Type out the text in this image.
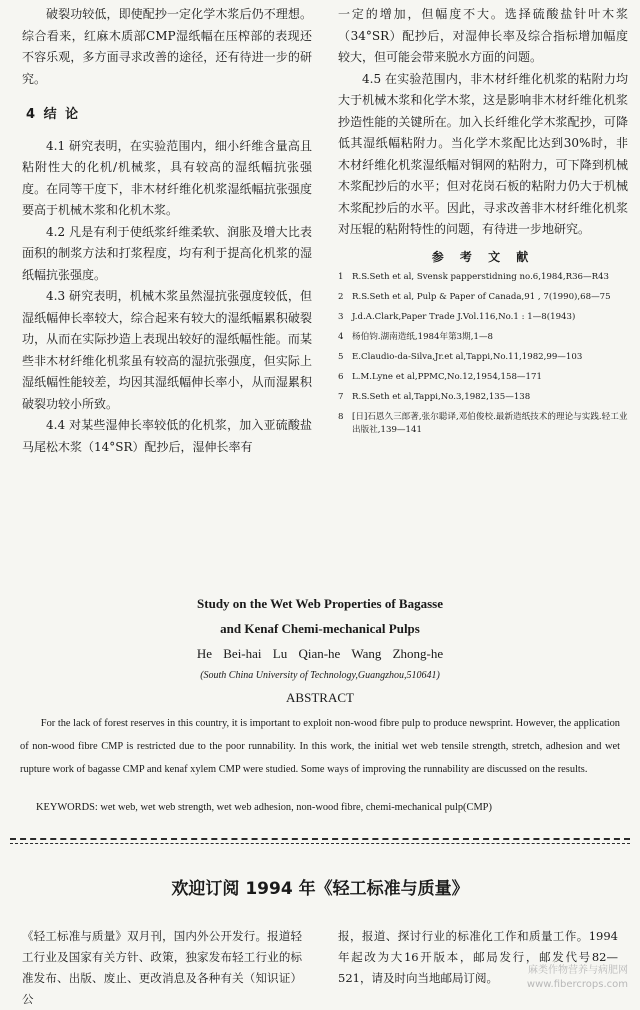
破裂功较低，即使配抄一定化学木浆后仍不理想。综合看来，红麻木质部CMP湿纸幅在压榨部的表现还不容乐观，多方面寻求改善的途径，还有待进一步的研究。

4 结 论

4.1 研究表明，在实验范围内，细小纤维含量高且粘附性大的化机/机械浆，具有较高的湿纸幅抗张强度。在同等干度下，非木材纤维化机浆湿纸幅抗张强度要高于机械木浆和化机木浆。

4.2 凡是有利于使纸浆纤维柔软、润胀及增大比表面积的制浆方法和打浆程度，均有利于提高化机浆的湿纸幅抗张强度。

4.3 研究表明，机械木浆虽然湿抗张强度较低，但湿纸幅伸长率较大，综合起来有较大的湿纸幅累积破裂功，从而在实际抄造上表现出较好的湿纸幅性能。而某些非木材纤维化机浆虽有较高的湿抗张强度，但实际上湿纸幅性能较差，均因其湿纸幅伸长率小，从而湿累积破裂功较小所致。

4.4 对某些湿伸长率较低的化机浆，加入亚硫酸盐马尾松木浆（14°SR）配抄后，湿伸长率有

一定的增加，但幅度不大。选择硫酸盐针叶木浆（34°SR）配抄后，对湿伸长率及综合指标增加幅度较大，但可能会带来脱水方面的问题。

4.5 在实验范围内，非木材纤维化机浆的粘附力均大于机械木浆和化学木浆，这是影响非木材纤维化机浆抄造性能的关键所在。加入长纤维化学木浆配抄，可降低其湿纸幅粘附力。当化学木浆配比达到30%时，非木材纤维化机浆湿纸幅对铜网的粘附力，可下降到机械木浆配抄后的水平；但对花岗石板的粘附力仍大于机械木浆配抄后的水平。因此，寻求改善非木材纤维化机浆对压辊的粘附特性的问题，有待进一步地研究。

参 考 文 献
1 R.S.Seth et al, Svensk papperstidning no.6,1984,R36—R43
2 R.S.Seth et al, Pulp & Paper of Canada,91 , 7(1990),68—75
3 J.d.A.Clark,Paper Trade J.Vol.116,No.1 : 1—8(1943)
4 杨伯钧.湖南造纸,1984年第3期,1—8
5 E.Claudio-da-Silva,Jr.et al,Tappi,No.11,1982,99—103
6 L.M.Lyne et al,PPMC,No.12,1954,158—171
7 R.S.Seth et al,Tappi,No.3,1982,135—138
8 [日]石恩久三郎著,张尔聪译,邓伯俊校.最新造纸技术的理论与实践.轻工业出版社,139—141
Study on the Wet Web Properties of Bagasse
and Kenaf Chemi-mechanical Pulps
He Bei-hai Lu Qian-he Wang Zhong-he
(South China University of Technology,Guangzhou,510641)
ABSTRACT
For the lack of forest reserves in this country, it is important to exploit non-wood fibre pulp to produce newsprint. However, the application of non-wood fibre CMP is restricted due to the poor runnability. In this work, the initial wet web tensile strength, stretch, adhesion and wet rupture work of bagasse CMP and kenaf xylem CMP were studied. Some ways of improving the runnability are discussed on the results.
KEYWORDS: wet web, wet web strength, wet web adhesion, non-wood fibre, chemi-mechanical pulp(CMP)
欢迎订阅 1994 年《轻工标准与质量》
《轻工标准与质量》双月刊，国内外公开发行。报道轻工行业及国家有关方针、政策，独家发布轻工行业的标准发布、出版、废止、更改消息及各种有关（知识证）公
报，报道、探讨行业的标准化工作和质量工作。1994年起改为大16开版本，邮局发行，邮发代号82—521，请及时向当地邮局订阅。
麻类作物营养与病肥网
www.fibercrops.com
